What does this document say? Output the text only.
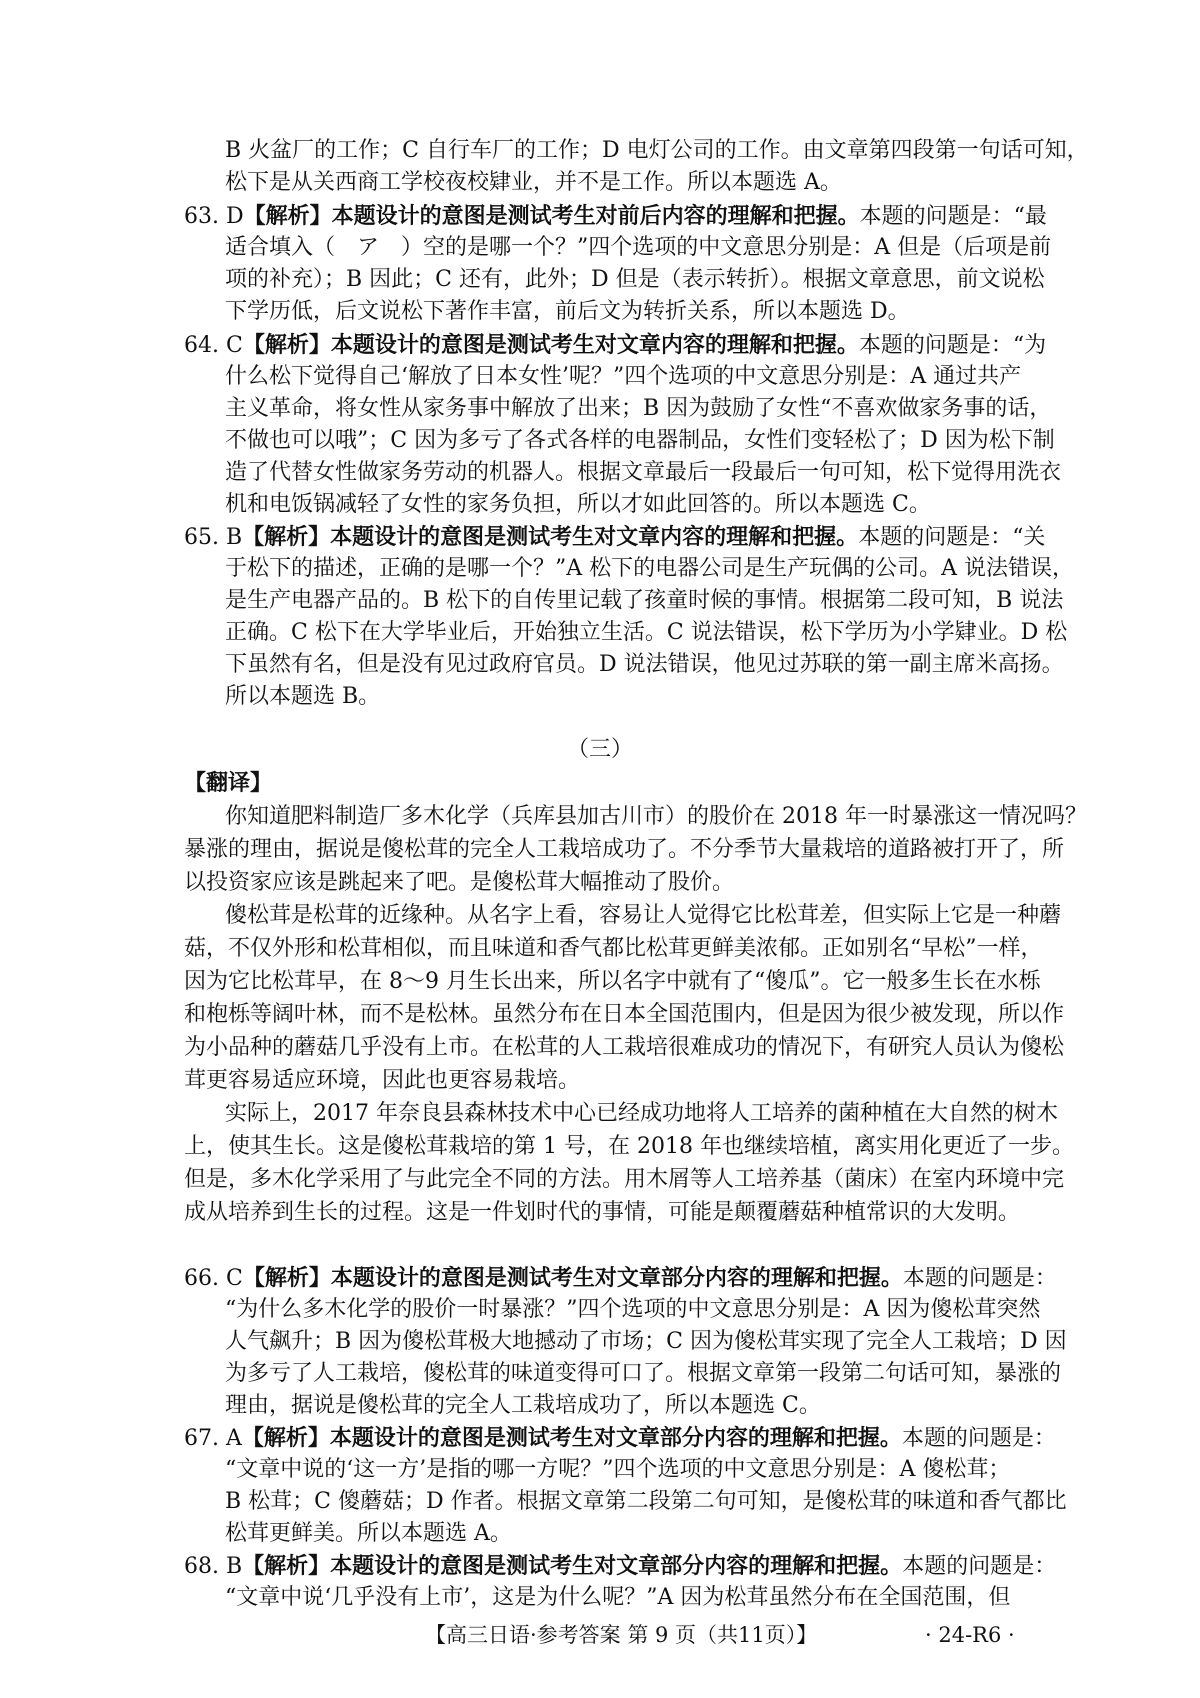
B 火盆厂的工作；C 自行车厂的工作；D 电灯公司的工作。由文章第四段第一句话可知，
松下是从关西商工学校夜校肄业，并不是工作。所以本题选 A。
63. D【解析】本题设计的意图是测试考生对前后内容的理解和把握。本题的问题是：“最
适合填入（　ア　）空的是哪一个？”四个选项的中文意思分别是：A 但是（后项是前
项的补充）；B 因此；C 还有，此外；D 但是（表示转折）。根据文章意思，前文说松
下学历低，后文说松下著作丰富，前后文为转折关系，所以本题选 D。
64. C【解析】本题设计的意图是测试考生对文章内容的理解和把握。本题的问题是：“为
什么松下觉得自己‘解放了日本女性’呢？”四个选项的中文意思分别是：A 通过共产
主义革命，将女性从家务事中解放了出来；B 因为鼓励了女性“不喜欢做家务事的话，
不做也可以哦”；C 因为多亏了各式各样的电器制品，女性们变轻松了；D 因为松下制
造了代替女性做家务劳动的机器人。根据文章最后一段最后一句可知，松下觉得用洗衣
机和电饭锅减轻了女性的家务负担，所以才如此回答的。所以本题选 C。
65. B【解析】本题设计的意图是测试考生对文章内容的理解和把握。本题的问题是：“关
于松下的描述，正确的是哪一个？”A 松下的电器公司是生产玩偶的公司。A 说法错误，
是生产电器产品的。B 松下的自传里记载了孩童时候的事情。根据第二段可知，B 说法
正确。C 松下在大学毕业后，开始独立生活。C 说法错误，松下学历为小学肄业。D 松
下虽然有名，但是没有见过政府官员。D 说法错误，他见过苏联的第一副主席米高扬。
所以本题选 B。
（三）
【翻译】
你知道肥料制造厂多木化学（兵库县加古川市）的股价在 2018 年一时暴涨这一情况吗？
暴涨的理由，据说是傻松茸的完全人工栽培成功了。不分季节大量栽培的道路被打开了，所
以投资家应该是跳起来了吧。是傻松茸大幅推动了股价。
傻松茸是松茸的近缘种。从名字上看，容易让人觉得它比松茸差，但实际上它是一种蘑
菇，不仅外形和松茸相似，而且味道和香气都比松茸更鲜美浓郁。正如别名“早松”一样，
因为它比松茸早，在 8～9 月生长出来，所以名字中就有了“傻瓜”。它一般多生长在水栎
和枹栎等阔叶林，而不是松林。虽然分布在日本全国范围内，但是因为很少被发现，所以作
为小品种的蘑菇几乎没有上市。在松茸的人工栽培很难成功的情况下，有研究人员认为傻松
茸更容易适应环境，因此也更容易栽培。
实际上，2017 年奈良县森林技术中心已经成功地将人工培养的菌种植在大自然的树木
上，使其生长。这是傻松茸栽培的第 1 号，在 2018 年也继续培植，离实用化更近了一步。
但是，多木化学采用了与此完全不同的方法。用木屑等人工培养基（菌床）在室内环境中完
成从培养到生长的过程。这是一件划时代的事情，可能是颠覆蘑菇种植常识的大发明。
66. C【解析】本题设计的意图是测试考生对文章部分内容的理解和把握。本题的问题是：
“为什么多木化学的股价一时暴涨？”四个选项的中文意思分别是：A 因为傻松茸突然
人气飙升；B 因为傻松茸极大地撼动了市场；C 因为傻松茸实现了完全人工栽培；D 因
为多亏了人工栽培，傻松茸的味道变得可口了。根据文章第一段第二句话可知，暴涨的
理由，据说是傻松茸的完全人工栽培成功了，所以本题选 C。
67. A【解析】本题设计的意图是测试考生对文章部分内容的理解和把握。本题的问题是：
“文章中说的‘这一方’是指的哪一方呢？”四个选项的中文意思分别是：A 傻松茸；
B 松茸；C 傻蘑菇；D 作者。根据文章第二段第二句可知，是傻松茸的味道和香气都比
松茸更鲜美。所以本题选 A。
68. B【解析】本题设计的意图是测试考生对文章部分内容的理解和把握。本题的问题是：
“文章中说‘几乎没有上市’，这是为什么呢？”A 因为松茸虽然分布在全国范围，但
【高三日语·参考答案 第 9 页（共11页）】	· 24-R6 ·
